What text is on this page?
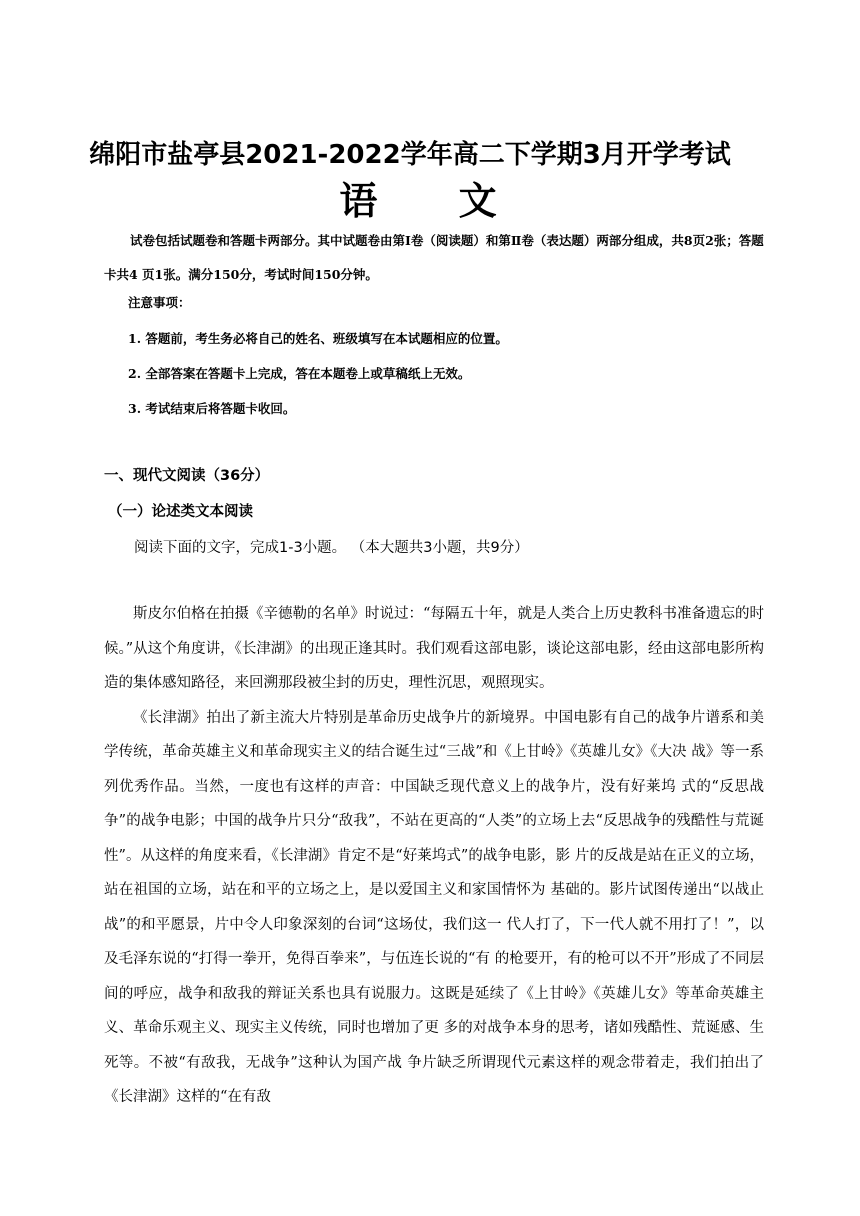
绵阳市盐亭县2021-2022学年高二下学期3月开学考试
语 文
试卷包括试题卷和答题卡两部分。其中试题卷由第Ⅰ卷（阅读题）和第Ⅱ卷（表达题）两部分组成，共8页2张；答题卡共4 页1张。满分150分，考试时间150分钟。
注意事项：
1. 答题前，考生务必将自己的姓名、班级填写在本试题相应的位置。
2. 全部答案在答题卡上完成，答在本题卷上或草稿纸上无效。
3. 考试结束后将答题卡收回。
一、现代文阅读（36分）
（一）论述类文本阅读
阅读下面的文字，完成1-3小题。 （本大题共3小题，共9分）

斯皮尔伯格在拍摄《辛德勒的名单》时说过：“每隔五十年，就是人类合上历史教科书准备遗忘的时候。”从这个角度讲，《长津湖》的出现正逢其时。我们观看这部电影，谈论这部电影，经由这部电影所构造的集体感知路径，来回溯那段被尘封的历史，理性沉思，观照现实。

《长津湖》拍出了新主流大片特别是革命历史战争片的新境界。中国电影有自己的战争片谱系和美学传统，革命英雄主义和革命现实主义的结合诞生过“三战”和《上甘岭》《英雄儿女》《大决 战》等一系列优秀作品。当然，一度也有这样的声音：中国缺乏现代意义上的战争片，没有好莱坞 式的“反思战争”的战争电影；中国的战争片只分“敌我”，不站在更高的“人类”的立场上去“反思战争的残酷性与荒诞性”。从这样的角度来看，《长津湖》肯定不是“好莱坞式”的战争电影，影 片的反战是站在正义的立场，站在祖国的立场，站在和平的立场之上，是以爱国主义和家国情怀为 基础的。影片试图传递出“以战止战”的和平愿景，片中令人印象深刻的台词“这场仗，我们这一 代人打了，下一代人就不用打了！”，以及毛泽东说的“打得一拳开，免得百拳来”，与伍连长说的“有 的枪要开，有的枪可以不开”形成了不同层间的呼应，战争和敌我的辩证关系也具有说服力。这既是延续了《上甘岭》《英雄儿女》等革命英雄主义、革命乐观主义、现实主义传统，同时也增加了更 多的对战争本身的思考，诸如残酷性、荒诞感、生死等。不被“有敌我，无战争”这种认为国产战 争片缺乏所谓现代元素这样的观念带着走，我们拍出了《长津湖》这样的“在有敌
